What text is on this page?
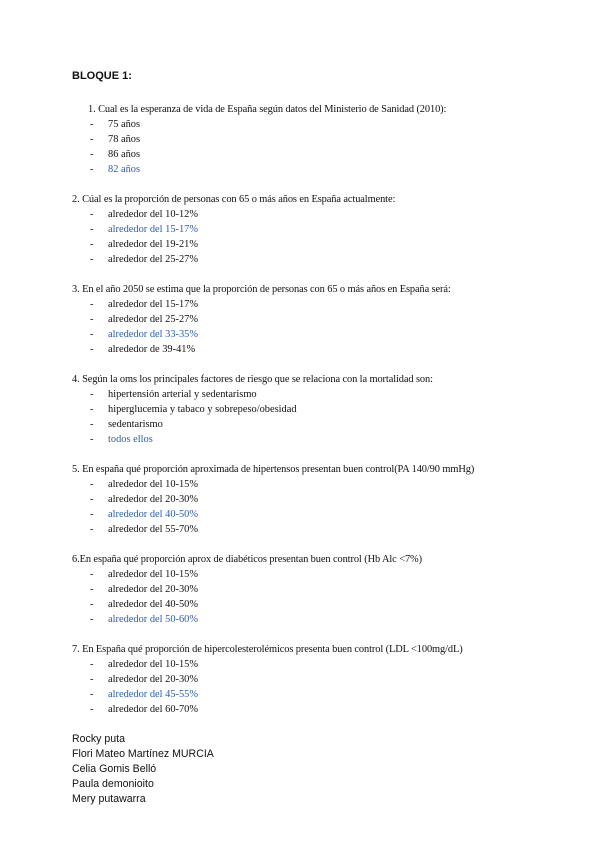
BLOQUE 1:

1. Cual es la esperanza de vida de España según datos del Ministerio de Sanidad (2010):

- 75 años
- 78 años
- 86 años
- 82 años

2. Cúal es la proporción de personas con 65 o más años en España actualmente:

- alrededor del 10-12%
- alrededor del 15-17%
- alrededor del 19-21%
- alrededor del 25-27%

3. En el año 2050 se estima que la proporción de personas con 65 o más años en España será:

- alrededor del 15-17%
- alrededor del 25-27%
- alrededor del 33-35%
- alrededor de 39-41%

4. Según la oms los principales factores de riesgo que se relaciona con la mortalidad son:

- hipertensión arterial y sedentarismo
- hiperglucemia y tabaco y sobrepeso/obesidad
- sedentarismo
- todos ellos

5. En españa qué proporción aproximada de hipertensos presentan buen control(PA 140/90 mmHg)

- alrededor del 10-15%
- alrededor del 20-30%
- alrededor del 40-50%
- alrededor del 55-70%

6.En españa qué proporción aprox de diabéticos presentan buen control (Hb Alc <7%)

- alrededor del 10-15%
- alrededor del 20-30%
- alrededor del 40-50%
- alrededor del 50-60%

7. En España qué proporción de hipercolesterolémicos presenta buen control (LDL <100mg/dL)

- alrededor del 10-15%
- alrededor del 20-30%
- alrededor del 45-55%
- alrededor del 60-70%
Rocky puta
Flori Mateo Martínez MURCIA
Celia Gomis Belló
Paula demonioito
Mery putawarra
